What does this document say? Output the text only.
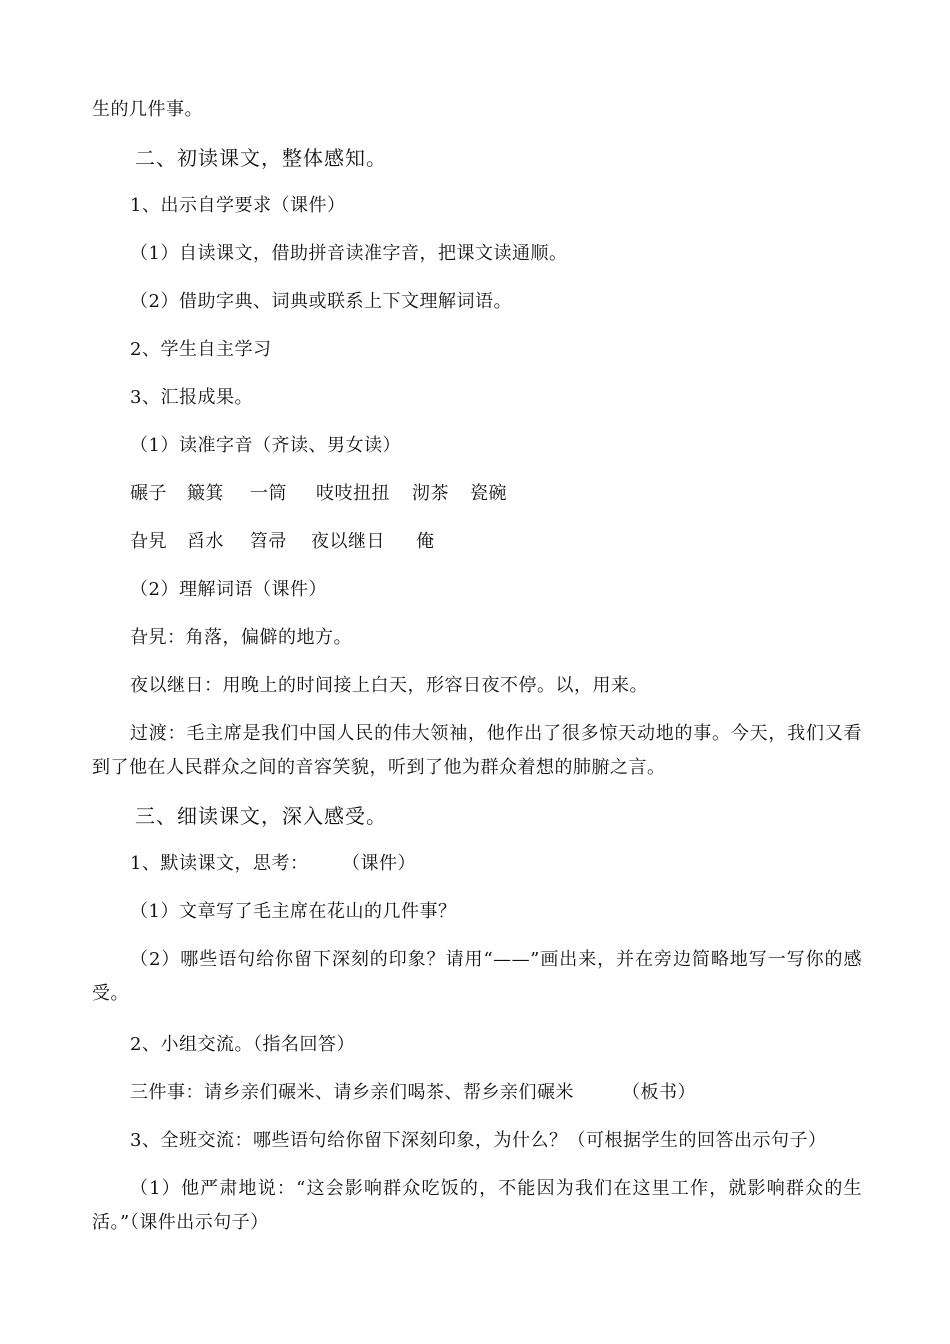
生的几件事。
二、初读课文，整体感知。
1、出示自学要求（课件）
（1）自读课文，借助拼音读准字音，把课文读通顺。
（2）借助字典、词典或联系上下文理解词语。
2、学生自主学习
3、汇报成果。
（1）读准字音（齐读、男女读）
碾子 簸箕 一筒 吱吱扭扭 沏茶 瓷碗
旮旯 舀水 笤帚 夜以继日 俺
（2）理解词语（课件）
旮旯：角落，偏僻的地方。
夜以继日：用晚上的时间接上白天，形容日夜不停。以，用来。
过渡：毛主席是我们中国人民的伟大领袖，他作出了很多惊天动地的事。今天，我们又看到了他在人民群众之间的音容笑貌，听到了他为群众着想的肺腑之言。
三、细读课文，深入感受。
1、默读课文，思考： （课件）
（1）文章写了毛主席在花山的几件事？
（2）哪些语句给你留下深刻的印象？请用“——”画出来，并在旁边简略地写一写你的感受。
2、小组交流。（指名回答）
三件事：请乡亲们碾米、请乡亲们喝茶、帮乡亲们碾米	（板书）
3、全班交流：哪些语句给你留下深刻印象，为什么？（可根据学生的回答出示句子）
（1）他严肃地说：“这会影响群众吃饭的，不能因为我们在这里工作，就影响群众的生活。”（课件出示句子）
